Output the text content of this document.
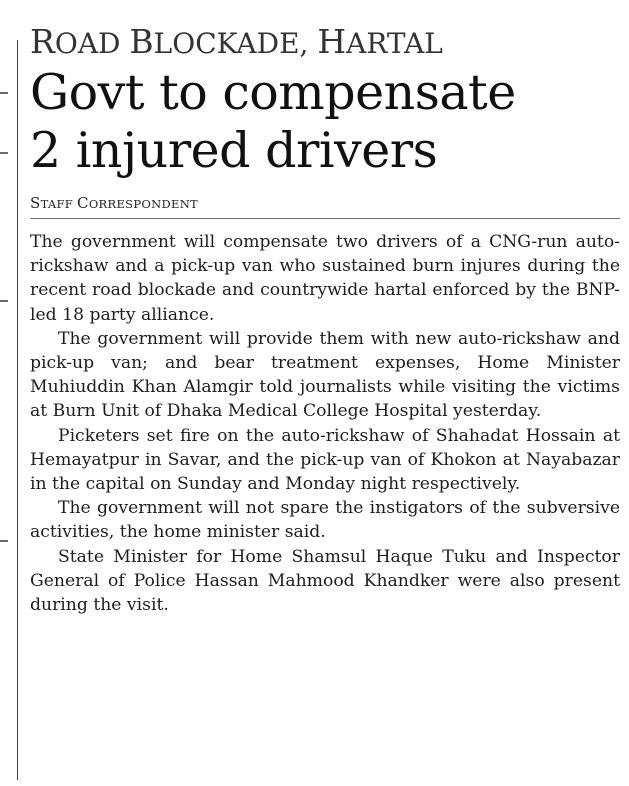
ROAD BLOCKADE, HARTAL
Govt to compensate
2 injured drivers
STAFF CORRESPONDENT
The government will compensate two drivers of a CNG-run auto-rickshaw and a pick-up van who sustained burn injures during the recent road blockade and countrywide hartal enforced by the BNP-led 18 party alliance.
The government will provide them with new auto-rickshaw and pick-up van; and bear treatment expenses, Home Minister Muhiuddin Khan Alamgir told journalists while visiting the victims at Burn Unit of Dhaka Medical College Hospital yesterday.
Picketers set fire on the auto-rickshaw of Shahadat Hossain at Hemayatpur in Savar, and the pick-up van of Khokon at Nayabazar in the capital on Sunday and Monday night respectively.
The government will not spare the instigators of the subversive activities, the home minister said.
State Minister for Home Shamsul Haque Tuku and Inspector General of Police Hassan Mahmood Khandker were also present during the visit.
